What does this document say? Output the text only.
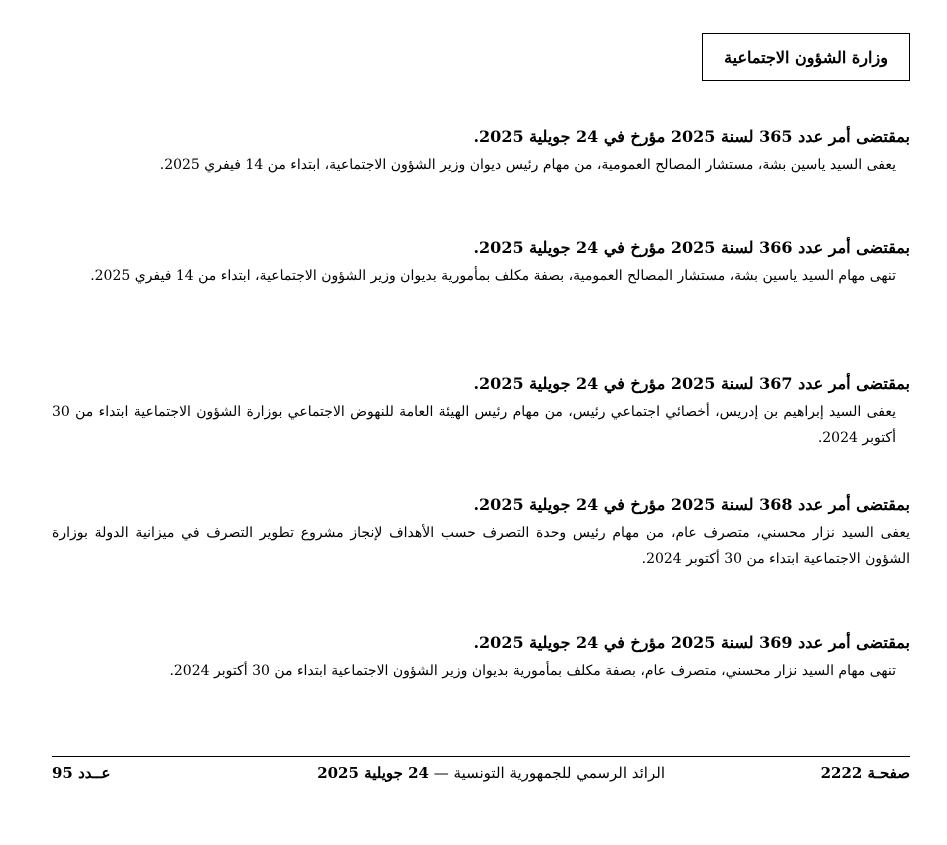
وزارة الشؤون الاجتماعية

بمقتضى أمر عدد 365 لسنة 2025 مؤرخ في 24 جويلية 2025.

يعفى السيد ياسين بشة، مستشار المصالح العمومية، من مهام رئيس ديوان وزير الشؤون الاجتماعية، ابتداء من 14 فيفري 2025.

بمقتضى أمر عدد 366 لسنة 2025 مؤرخ في 24 جويلية 2025.

تنهى مهام السيد ياسين بشة، مستشار المصالح العمومية، بصفة مكلف بمأمورية بديوان وزير الشؤون الاجتماعية، ابتداء من 14 فيفري 2025.

بمقتضى أمر عدد 367 لسنة 2025 مؤرخ في 24 جويلية 2025.

يعفى السيد إبراهيم بن إدريس، أخصائي اجتماعي رئيس، من مهام رئيس الهيئة العامة للنهوض الاجتماعي بوزارة الشؤون الاجتماعية ابتداء من 30 أكتوبر 2024.

بمقتضى أمر عدد 368 لسنة 2025 مؤرخ في 24 جويلية 2025.

يعفى السيد نزار محسني، متصرف عام، من مهام رئيس وحدة التصرف حسب الأهداف لإنجاز مشروع تطوير التصرف في ميزانية الدولة بوزارة الشؤون الاجتماعية ابتداء من 30 أكتوبر 2024.

بمقتضى أمر عدد 369 لسنة 2025 مؤرخ في 24 جويلية 2025.

تنهى مهام السيد نزار محسني، متصرف عام، بصفة مكلف بمأمورية بديوان وزير الشؤون الاجتماعية ابتداء من 30 أكتوبر 2024.

صفحـة 2222
الرائد الرسمي للجمهورية التونسية — 24 جويلية 2025
عــدد 95
